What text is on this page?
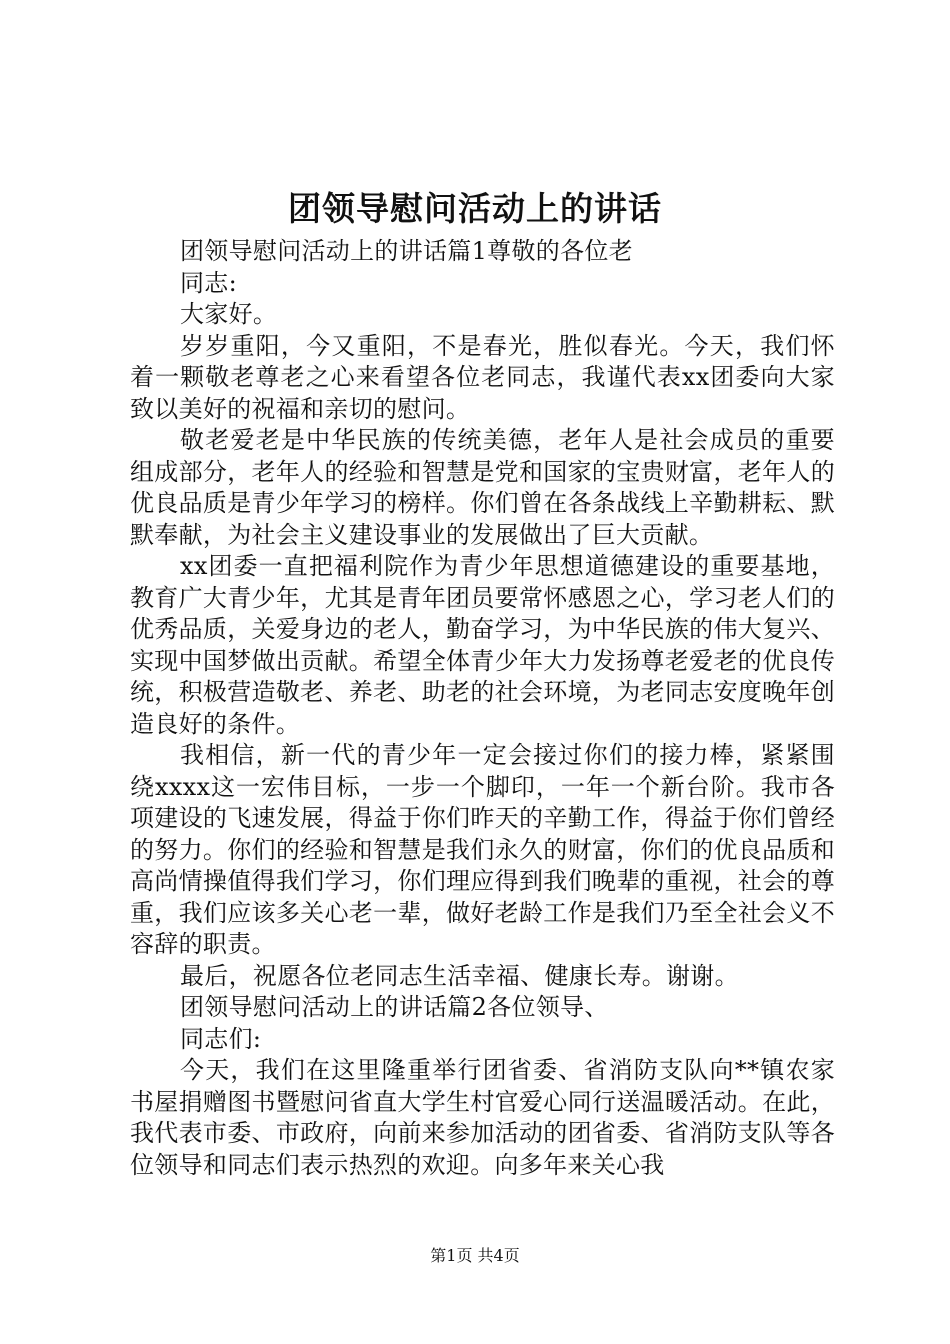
团领导慰问活动上的讲话

团领导慰问活动上的讲话篇1尊敬的各位老

同志:

大家好。

岁岁重阳，今又重阳，不是春光，胜似春光。今天，我们怀着一颗敬老尊老之心来看望各位老同志，我谨代表xx团委向大家致以美好的祝福和亲切的慰问。

敬老爱老是中华民族的传统美德，老年人是社会成员的重要组成部分，老年人的经验和智慧是党和国家的宝贵财富，老年人的优良品质是青少年学习的榜样。你们曾在各条战线上辛勤耕耘、默默奉献，为社会主义建设事业的发展做出了巨大贡献。

xx团委一直把福利院作为青少年思想道德建设的重要基地，教育广大青少年，尤其是青年团员要常怀感恩之心，学习老人们的优秀品质，关爱身边的老人，勤奋学习，为中华民族的伟大复兴、实现中国梦做出贡献。希望全体青少年大力发扬尊老爱老的优良传统，积极营造敬老、养老、助老的社会环境，为老同志安度晚年创造良好的条件。

我相信，新一代的青少年一定会接过你们的接力棒，紧紧围绕xxxx这一宏伟目标，一步一个脚印，一年一个新台阶。我市各项建设的飞速发展，得益于你们昨天的辛勤工作，得益于你们曾经的努力。你们的经验和智慧是我们永久的财富，你们的优良品质和高尚情操值得我们学习，你们理应得到我们晚辈的重视，社会的尊重，我们应该多关心老一辈，做好老龄工作是我们乃至全社会义不容辞的职责。

最后，祝愿各位老同志生活幸福、健康长寿。谢谢。

团领导慰问活动上的讲话篇2各位领导、

同志们:

今天，我们在这里隆重举行团省委、省消防支队向**镇农家书屋捐赠图书暨慰问省直大学生村官爱心同行送温暖活动。在此，我代表市委、市政府，向前来参加活动的团省委、省消防支队等各位领导和同志们表示热烈的欢迎。向多年来关心我

第1页 共4页
